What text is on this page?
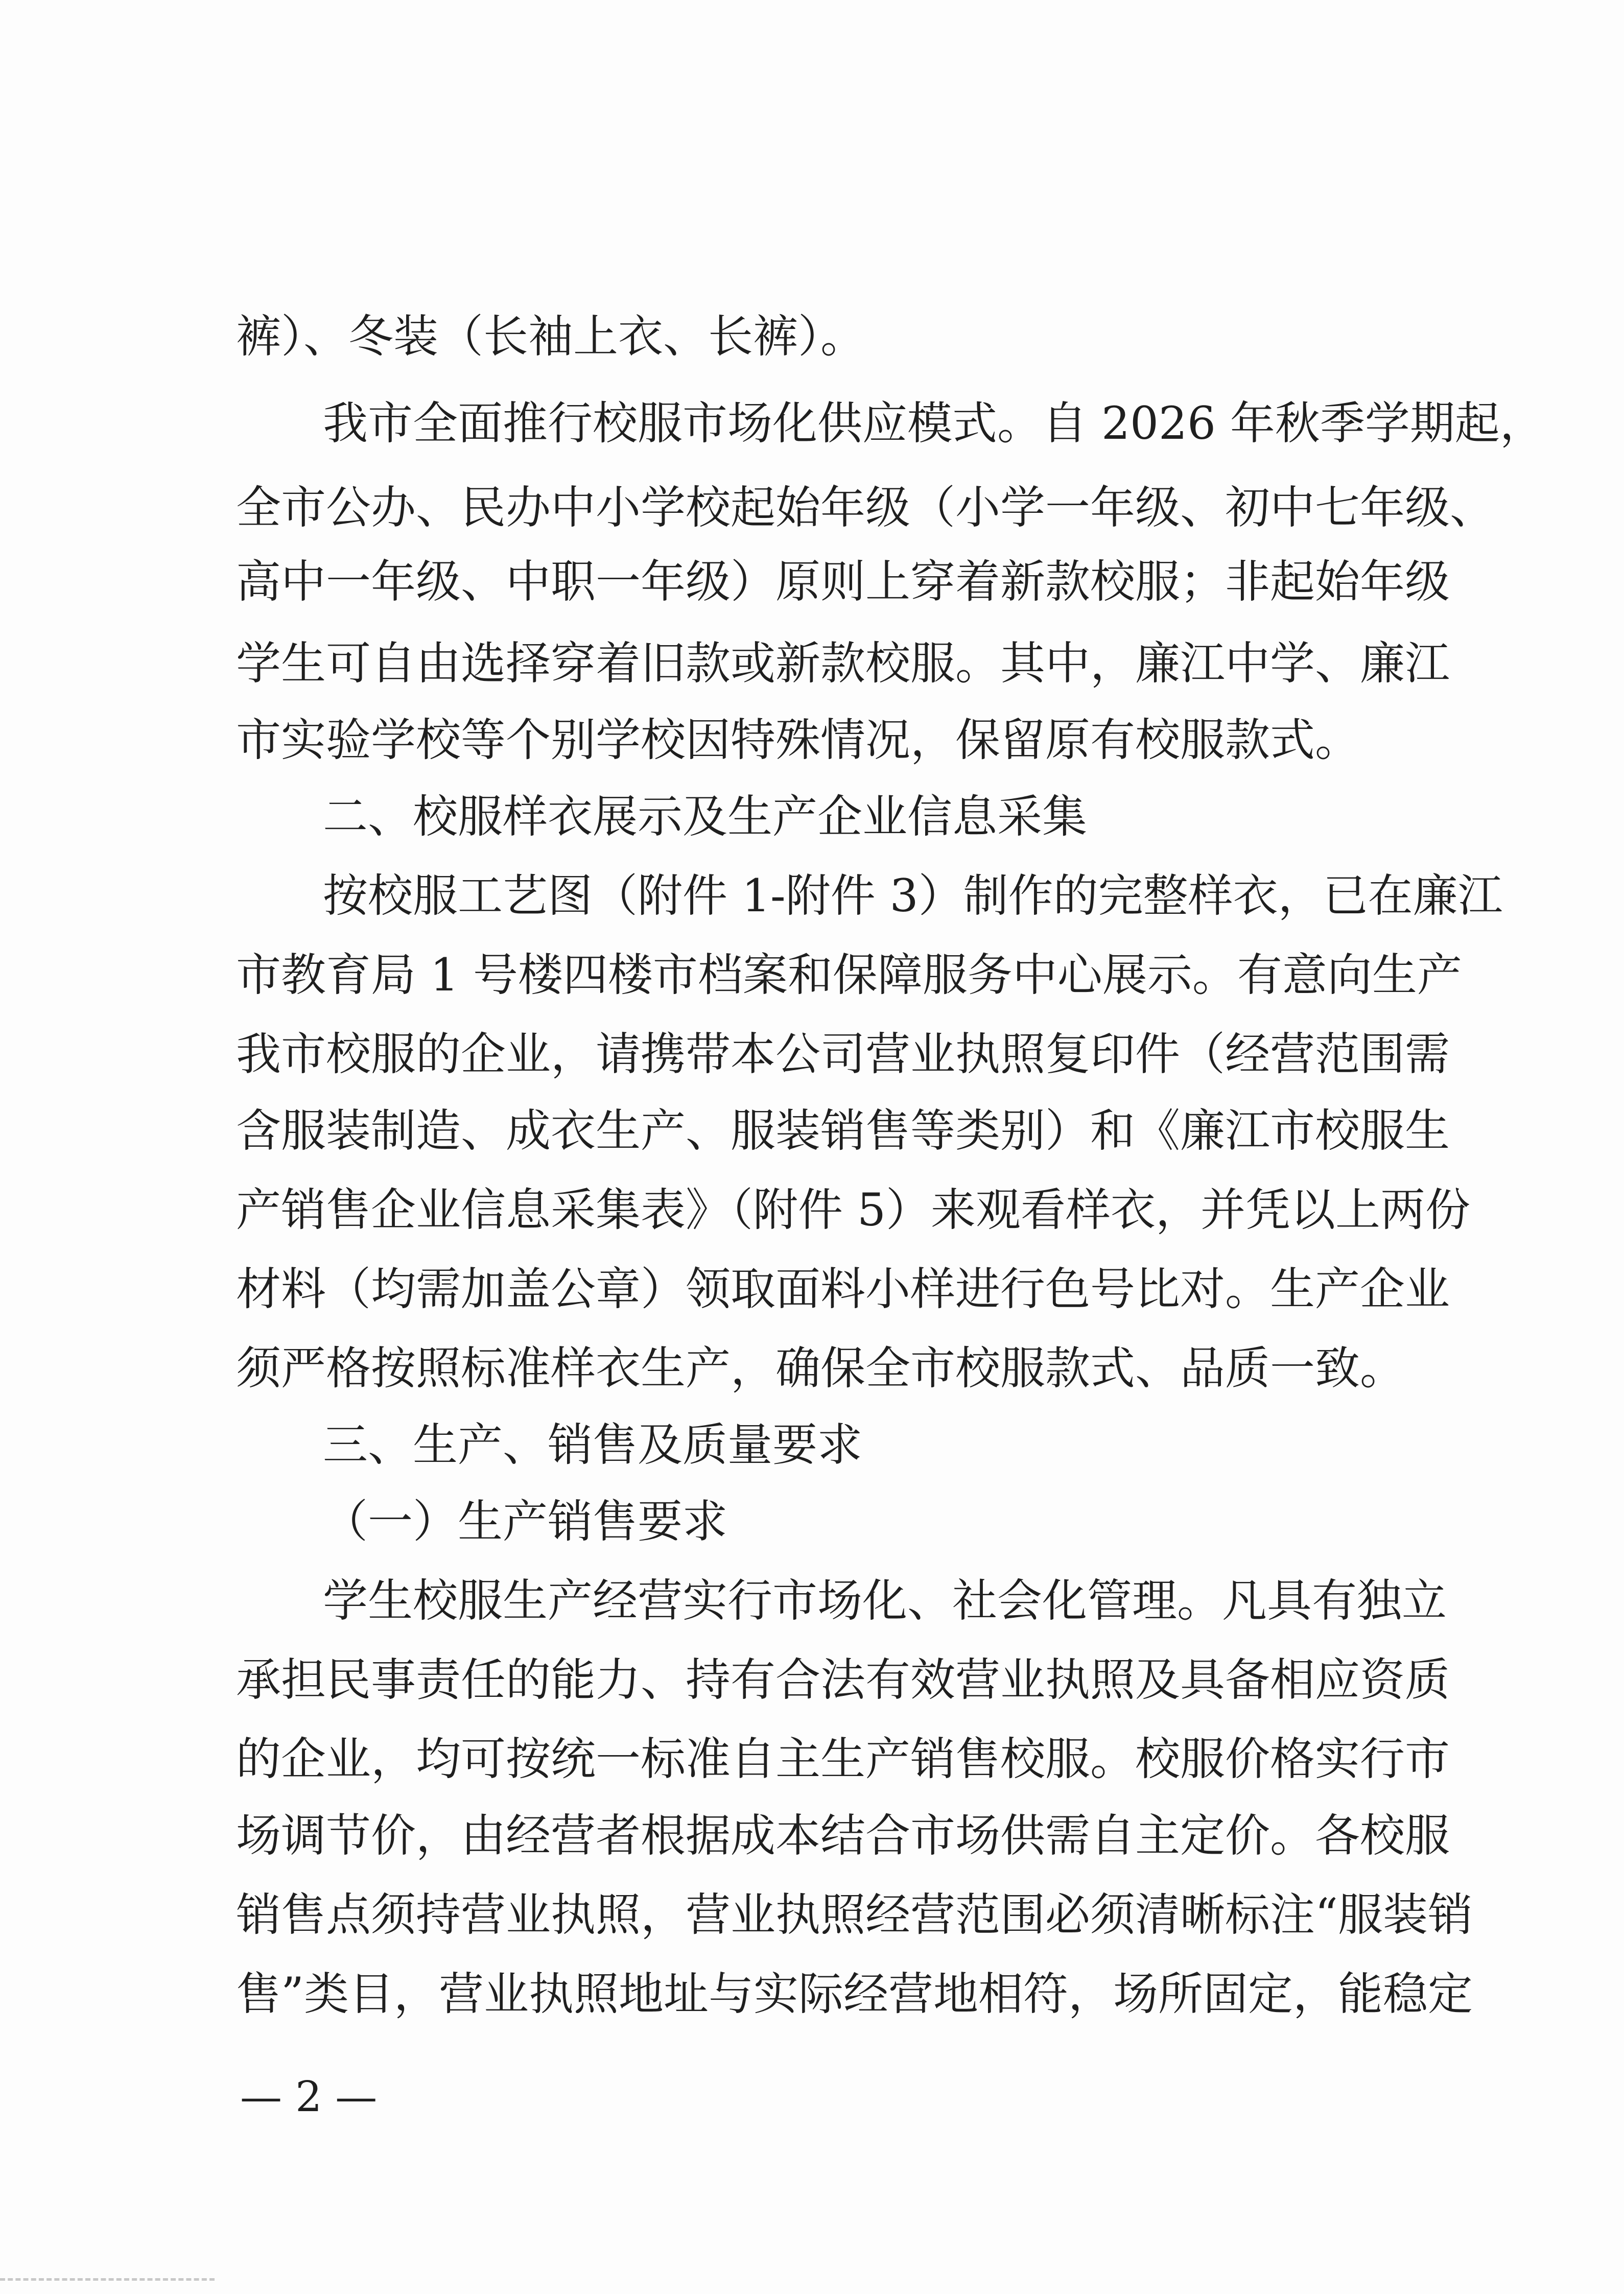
裤）、冬装（长袖上衣、长裤）。
我市全面推行校服市场化供应模式。自 2026 年秋季学期起，
全市公办、民办中小学校起始年级（小学一年级、初中七年级、
高中一年级、中职一年级）原则上穿着新款校服；非起始年级
学生可自由选择穿着旧款或新款校服。其中，廉江中学、廉江
市实验学校等个别学校因特殊情况，保留原有校服款式。
二、校服样衣展示及生产企业信息采集
按校服工艺图（附件 1-附件 3）制作的完整样衣，已在廉江
市教育局 1 号楼四楼市档案和保障服务中心展示。有意向生产
我市校服的企业，请携带本公司营业执照复印件（经营范围需
含服装制造、成衣生产、服装销售等类别）和《廉江市校服生
产销售企业信息采集表》（附件 5）来观看样衣，并凭以上两份
材料（均需加盖公章）领取面料小样进行色号比对。生产企业
须严格按照标准样衣生产，确保全市校服款式、品质一致。
三、生产、销售及质量要求
（一）生产销售要求
学生校服生产经营实行市场化、社会化管理。凡具有独立
承担民事责任的能力、持有合法有效营业执照及具备相应资质
的企业，均可按统一标准自主生产销售校服。校服价格实行市
场调节价，由经营者根据成本结合市场供需自主定价。各校服
销售点须持营业执照，营业执照经营范围必须清晰标注“服装销
售”类目，营业执照地址与实际经营地相符，场所固定，能稳定
— 2 —
